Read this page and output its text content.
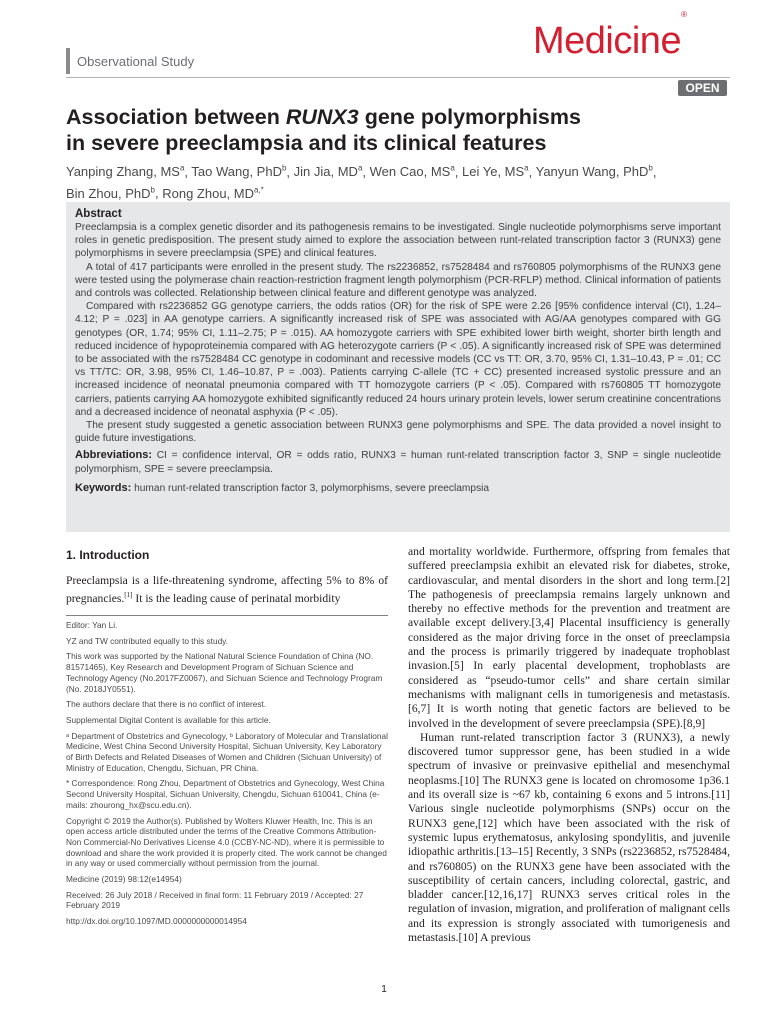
Observational Study	Medicine®
OPEN
Association between RUNX3 gene polymorphisms
in severe preeclampsia and its clinical features
Yanping Zhang, $MS^a$, Tao Wang, PhD$^b$, Jin Jia, $MD^a$, Wen Cao, $MS^a$, Lei Ye, $MS^a$, Yanyun Wang, PhD$^b$,
Bin Zhou, PhD$^b$, Rong Zhou, $MD^{a,*}$
Abstract

Preeclampsia is a complex genetic disorder and its pathogenesis remains to be investigated. Single nucleotide polymorphisms serve important roles in genetic predisposition. The present study aimed to explore the association between runt-related transcription factor 3 (RUNX3) gene polymorphisms in severe preeclampsia (SPE) and clinical features.

A total of 417 participants were enrolled in the present study. The rs2236852, rs7528484 and rs760805 polymorphisms of the RUNX3 gene were tested using the polymerase chain reaction-restriction fragment length polymorphism (PCR-RFLP) method. Clinical information of patients and controls was collected. Relationship between clinical feature and different genotype was analyzed.

Compared with rs2236852 GG genotype carriers, the odds ratios (OR) for the risk of SPE were 2.26 [95% confidence interval (CI), 1.24–4.12; P = .023] in AA genotype carriers. A significantly increased risk of SPE was associated with AG/AA genotypes compared with GG genotypes (OR, 1.74; 95% CI, 1.11–2.75; P = .015). AA homozygote carriers with SPE exhibited lower birth weight, shorter birth length and reduced incidence of hypoproteinemia compared with AG heterozygote carriers (P < .05). A significantly increased risk of SPE was determined to be associated with the rs7528484 CC genotype in codominant and recessive models (CC vs TT: OR, 3.70, 95% CI, 1.31–10.43, P = .01; CC vs TT/TC: OR, 3.98, 95% CI, 1.46–10.87, P = .003). Patients carrying C-allele (TC + CC) presented increased systolic pressure and an increased incidence of neonatal pneumonia compared with TT homozygote carriers (P < .05). Compared with rs760805 TT homozygote carriers, patients carrying AA homozygote exhibited significantly reduced 24 hours urinary protein levels, lower serum creatinine concentrations and a decreased incidence of neonatal asphyxia (P < .05).

The present study suggested a genetic association between RUNX3 gene polymorphisms and SPE. The data provided a novel insight to guide future investigations.

Abbreviations: CI = confidence interval, OR = odds ratio, RUNX3 = human runt-related transcription factor 3, SNP = single nucleotide polymorphism, SPE = severe preeclampsia.

Keywords: human runt-related transcription factor 3, polymorphisms, severe preeclampsia

1. Introduction

Preeclampsia is a life-threatening syndrome, affecting 5% to 8% of pregnancies.[1] It is the leading cause of perinatal morbidity

Editor: Yan Li.

YZ and TW contributed equally to this study.

This work was supported by the National Natural Science Foundation of China (NO. 81571465), Key Research and Development Program of Sichuan Science and Technology Agency (No.2017FZ0067), and Sichuan Science and Technology Program (No. 2018JY0551).

The authors declare that there is no conflict of interest.

Supplemental Digital Content is available for this article.

ᵃ Department of Obstetrics and Gynecology, ᵇ Laboratory of Molecular and Translational Medicine, West China Second University Hospital, Sichuan University, Key Laboratory of Birth Defects and Related Diseases of Women and Children (Sichuan University) of Ministry of Education, Chengdu, Sichuan, PR China.

* Correspondence: Rong Zhou, Department of Obstetrics and Gynecology, West China Second University Hospital, Sichuan University, Chengdu, Sichuan 610041, China (e-mails: zhourong_hx@scu.edu.cn).

Copyright © 2019 the Author(s). Published by Wolters Kluwer Health, Inc. This is an open access article distributed under the terms of the Creative Commons Attribution-Non Commercial-No Derivatives License 4.0 (CCBY-NC-ND), where it is permissible to download and share the work provided it is properly cited. The work cannot be changed in any way or used commercially without permission from the journal.

Medicine (2019) 98:12(e14954)

Received: 26 July 2018 / Received in final form: 11 February 2019 / Accepted: 27 February 2019

http://dx.doi.org/10.1097/MD.0000000000014954

and mortality worldwide. Furthermore, offspring from females that suffered preeclampsia exhibit an elevated risk for diabetes, stroke, cardiovascular, and mental disorders in the short and long term.[2] The pathogenesis of preeclampsia remains largely unknown and thereby no effective methods for the prevention and treatment are available except delivery.[3,4] Placental insufficiency is generally considered as the major driving force in the onset of preeclampsia and the process is primarily triggered by inadequate trophoblast invasion.[5] In early placental development, trophoblasts are considered as “pseudo-tumor cells” and share certain similar mechanisms with malignant cells in tumorigenesis and metastasis.[6,7] It is worth noting that genetic factors are believed to be involved in the development of severe preeclampsia (SPE).[8,9]

Human runt-related transcription factor 3 (RUNX3), a newly discovered tumor suppressor gene, has been studied in a wide spectrum of invasive or preinvasive epithelial and mesenchymal neoplasms.[10] The RUNX3 gene is located on chromosome 1p36.1 and its overall size is ~67 kb, containing 6 exons and 5 introns.[11] Various single nucleotide polymorphisms (SNPs) occur on the RUNX3 gene,[12] which have been associated with the risk of systemic lupus erythematosus, ankylosing spondylitis, and juvenile idiopathic arthritis.[13–15] Recently, 3 SNPs (rs2236852, rs7528484, and rs760805) on the RUNX3 gene have been associated with the susceptibility of certain cancers, including colorectal, gastric, and bladder cancer.[12,16,17] RUNX3 serves critical roles in the regulation of invasion, migration, and proliferation of malignant cells and its expression is strongly associated with tumorigenesis and metastasis.[10] A previous

1
